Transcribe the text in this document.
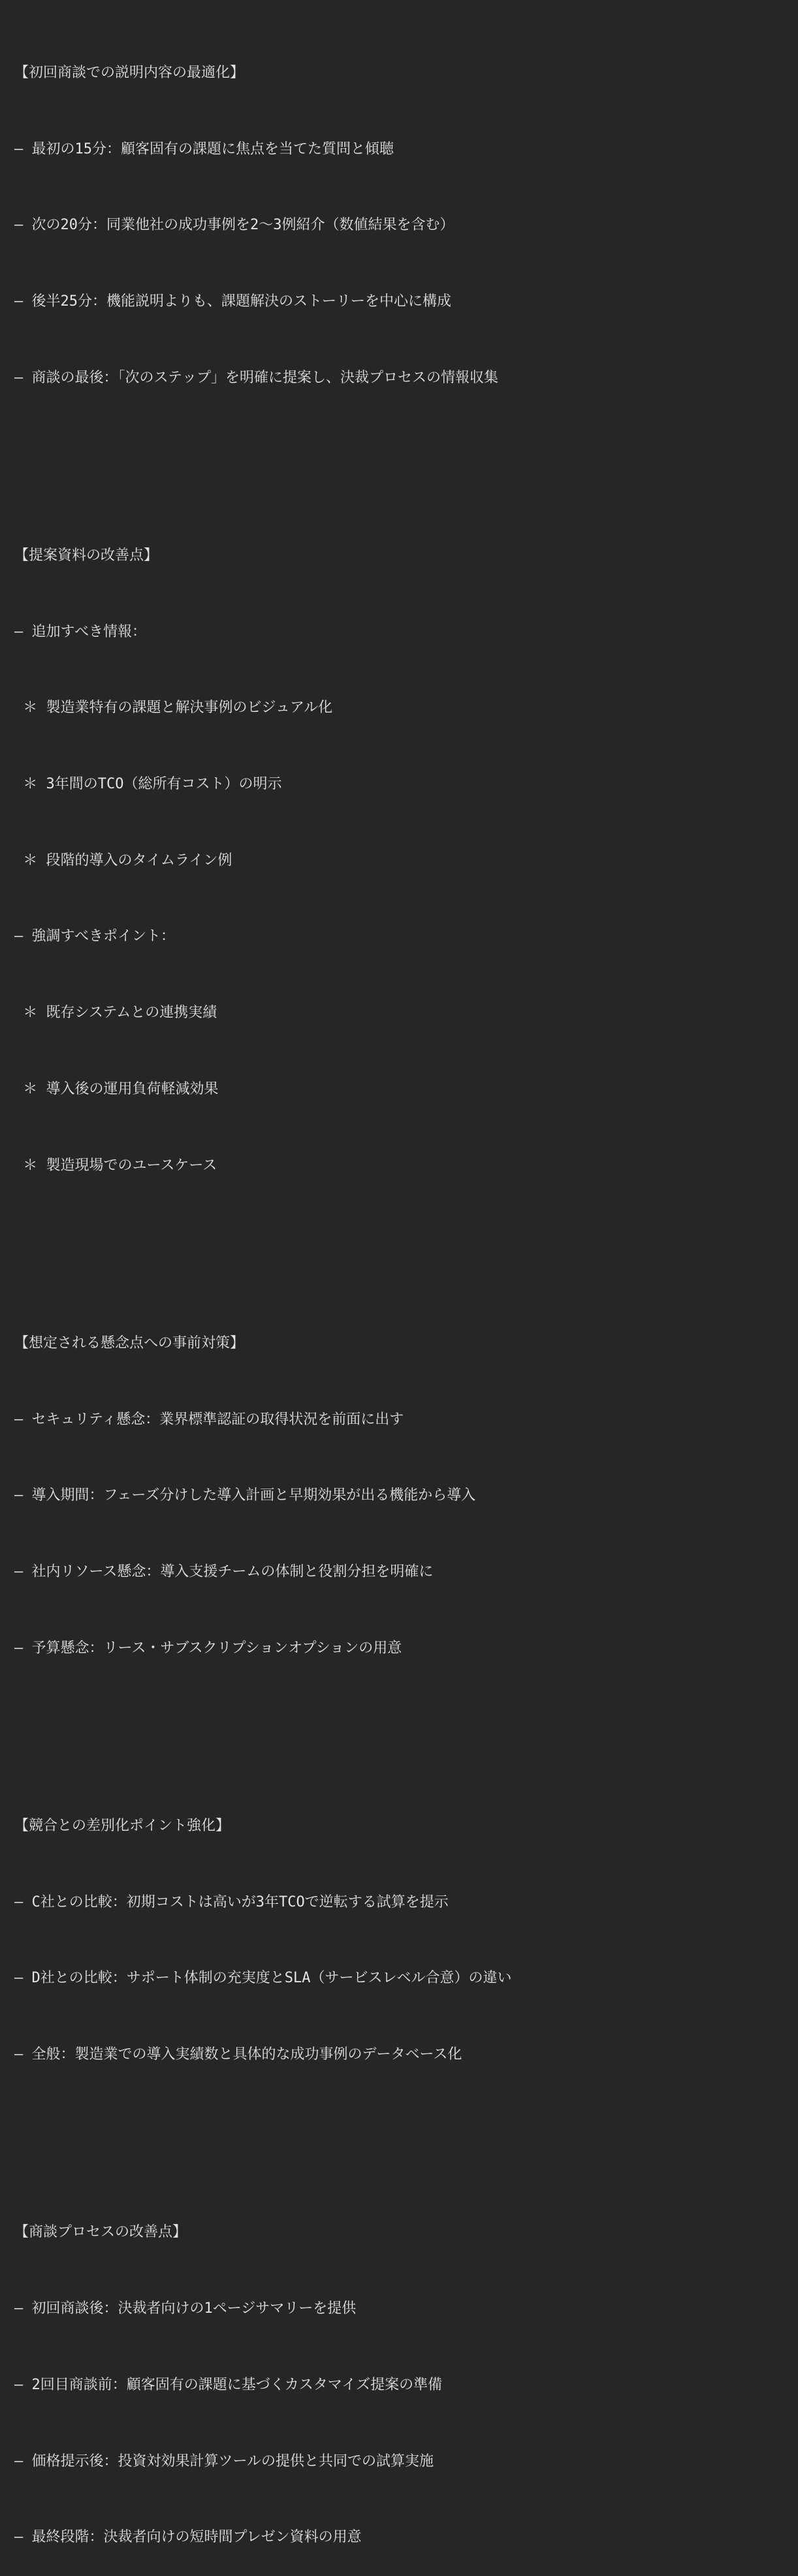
【初回商談での説明内容の最適化】

– 最初の15分：顧客固有の課題に焦点を当てた質問と傾聴

– 次の20分：同業他社の成功事例を2〜3例紹介（数値結果を含む）

– 後半25分：機能説明よりも、課題解決のストーリーを中心に構成

– 商談の最後：「次のステップ」を明確に提案し、決裁プロセスの情報収集

【提案資料の改善点】

– 追加すべき情報：

＊ 製造業特有の課題と解決事例のビジュアル化

＊ 3年間のTCO（総所有コスト）の明示

＊ 段階的導入のタイムライン例

– 強調すべきポイント：

＊ 既存システムとの連携実績

＊ 導入後の運用負荷軽減効果

＊ 製造現場でのユースケース

【想定される懸念点への事前対策】

– セキュリティ懸念：業界標準認証の取得状況を前面に出す

– 導入期間：フェーズ分けした導入計画と早期効果が出る機能から導入

– 社内リソース懸念：導入支援チームの体制と役割分担を明確に

– 予算懸念：リース・サブスクリプションオプションの用意

【競合との差別化ポイント強化】

– C社との比較：初期コストは高いが3年TCOで逆転する試算を提示

– D社との比較：サポート体制の充実度とSLA（サービスレベル合意）の違い

– 全般：製造業での導入実績数と具体的な成功事例のデータベース化

【商談プロセスの改善点】

– 初回商談後：決裁者向けの1ページサマリーを提供

– 2回目商談前：顧客固有の課題に基づくカスタマイズ提案の準備

– 価格提示後：投資対効果計算ツールの提供と共同での試算実施

– 最終段階：決裁者向けの短時間プレゼン資料の用意
